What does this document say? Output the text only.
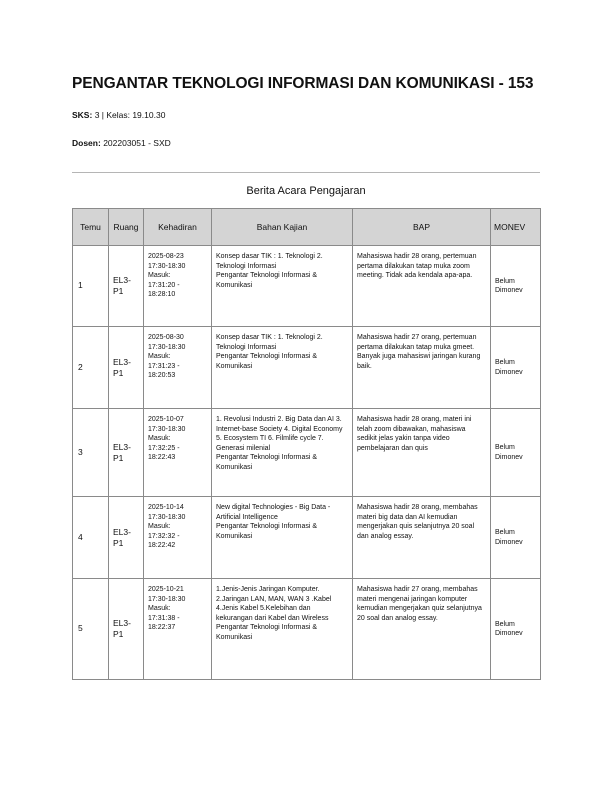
PENGANTAR TEKNOLOGI INFORMASI DAN KOMUNIKASI - 153
SKS: 3 | Kelas: 19.10.30
Dosen: 202203051 - SXD
Berita Acara Pengajaran
Temu	Ruang	Kehadiran	Bahan Kajian	BAP	MONEV
1	EL3-
P1	2025-08-23
17:30-18:30
Masuk:
17:31:20 -
18:28:10	Konsep dasar TIK : 1. Teknologi 2. Teknologi Informasi
Pengantar Teknologi Informasi & Komunikasi	Mahasiswa hadir 28 orang, pertemuan pertama dilakukan tatap muka zoom meeting. Tidak ada kendala apa-apa.	Belum
Dimonev

2	EL3-
P1	2025-08-30
17:30-18:30
Masuk:
17:31:23 -
18:20:53	Konsep dasar TIK : 1. Teknologi 2. Teknologi Informasi
Pengantar Teknologi Informasi & Komunikasi	Mahasiswa hadir 27 orang, pertemuan pertama dilakukan tatap muka gmeet. Banyak juga mahasiswi jaringan kurang baik.	Belum
Dimonev

3	EL3-
P1	2025-10-07
17:30-18:30
Masuk:
17:32:25 -
18:22:43	1. Revolusi Industri 2. Big Data dan AI 3. Internet-base Society 4. Digital Economy 5. Ecosystem TI 6. Filmlife cycle 7. Generasi milenial
Pengantar Teknologi Informasi & Komunikasi	Mahasiswa hadir 28 orang, materi ini telah zoom dibawakan, mahasiswa sedikit jelas yakin tanpa video pembelajaran dan quis	Belum
Dimonev

4	EL3-
P1	2025-10-14
17:30-18:30
Masuk:
17:32:32 -
18:22:42	New digital Technologies - Big Data - Artificial Intelligence
Pengantar Teknologi Informasi & Komunikasi	Mahasiswa hadir 28 orang, membahas materi big data dan AI kemudian mengerjakan quis selanjutnya 20 soal dan analog essay.	Belum
Dimonev

5	EL3-
P1	2025-10-21
17:30-18:30
Masuk:
17:31:38 -
18:22:37	1.Jenis-Jenis Jaringan Komputer.
2.Jaringan LAN, MAN, WAN 3 .Kabel 4.Jenis Kabel 5.Kelebihan dan kekurangan dari Kabel dan Wireless
Pengantar Teknologi Informasi & Komunikasi	Mahasiswa hadir 27 orang, membahas materi mengenai jaringan komputer kemudian mengerjakan quiz selanjutnya 20 soal dan analog essay.	Belum
Dimonev
